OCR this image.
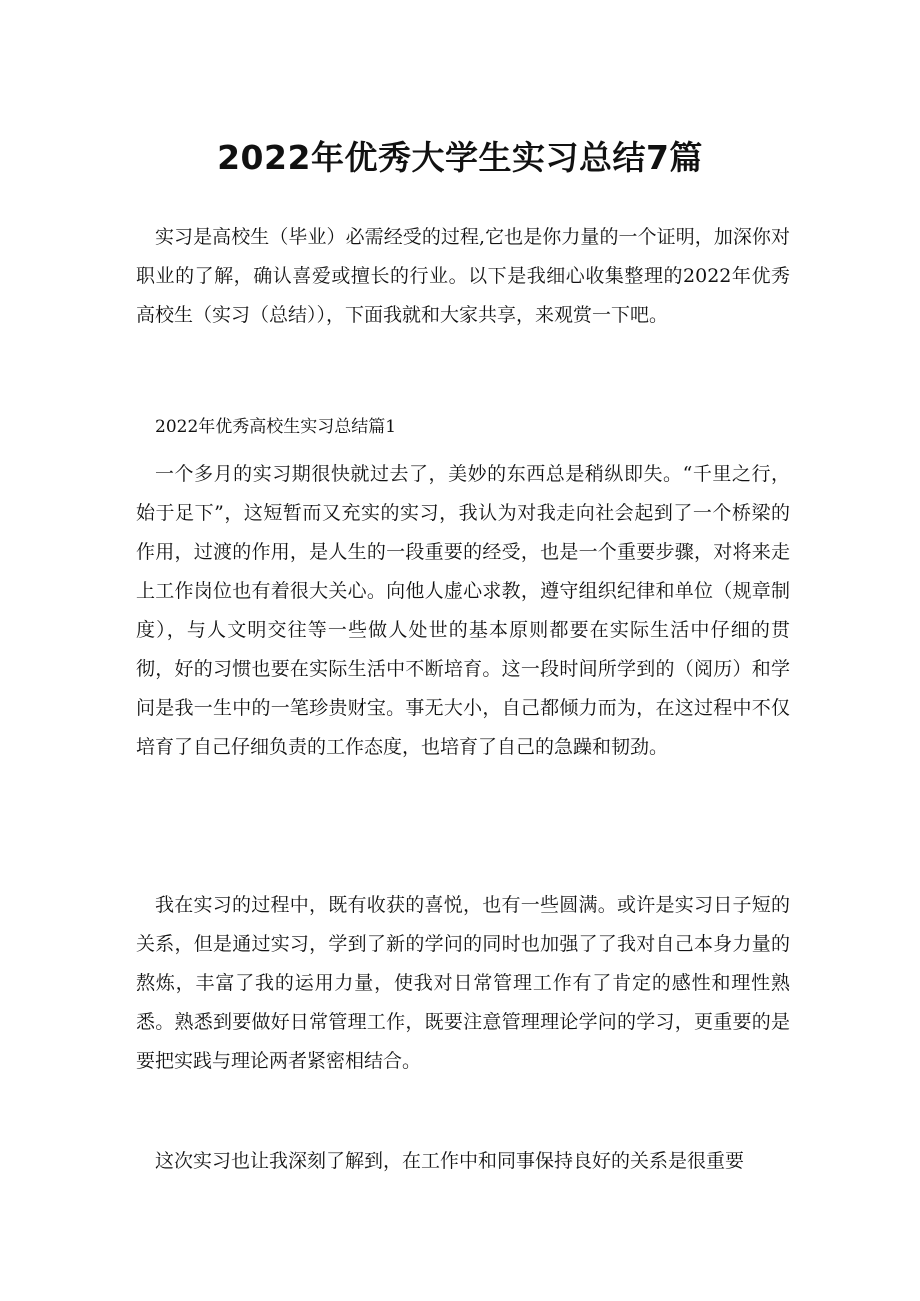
2022年优秀大学生实习总结7篇

实习是高校生（毕业）必需经受的过程,它也是你力量的一个证明，加深你对职业的了解，确认喜爱或擅长的行业。以下是我细心收集整理的2022年优秀高校生（实习（总结）），下面我就和大家共享，来观赏一下吧。

2022年优秀高校生实习总结篇1

一个多月的实习期很快就过去了，美妙的东西总是稍纵即失。“千里之行，始于足下”，这短暂而又充实的实习，我认为对我走向社会起到了一个桥梁的作用，过渡的作用，是人生的一段重要的经受，也是一个重要步骤，对将来走上工作岗位也有着很大关心。向他人虚心求教，遵守组织纪律和单位（规章制度），与人文明交往等一些做人处世的基本原则都要在实际生活中仔细的贯彻，好的习惯也要在实际生活中不断培育。这一段时间所学到的（阅历）和学问是我一生中的一笔珍贵财宝。事无大小，自己都倾力而为，在这过程中不仅培育了自己仔细负责的工作态度，也培育了自己的急躁和韧劲。

我在实习的过程中，既有收获的喜悦，也有一些圆满。或许是实习日子短的关系，但是通过实习，学到了新的学问的同时也加强了了我对自己本身力量的熬炼，丰富了我的运用力量，使我对日常管理工作有了肯定的感性和理性熟悉。熟悉到要做好日常管理工作，既要注意管理理论学问的学习，更重要的是要把实践与理论两者紧密相结合。

这次实习也让我深刻了解到，在工作中和同事保持良好的关系是很重要
